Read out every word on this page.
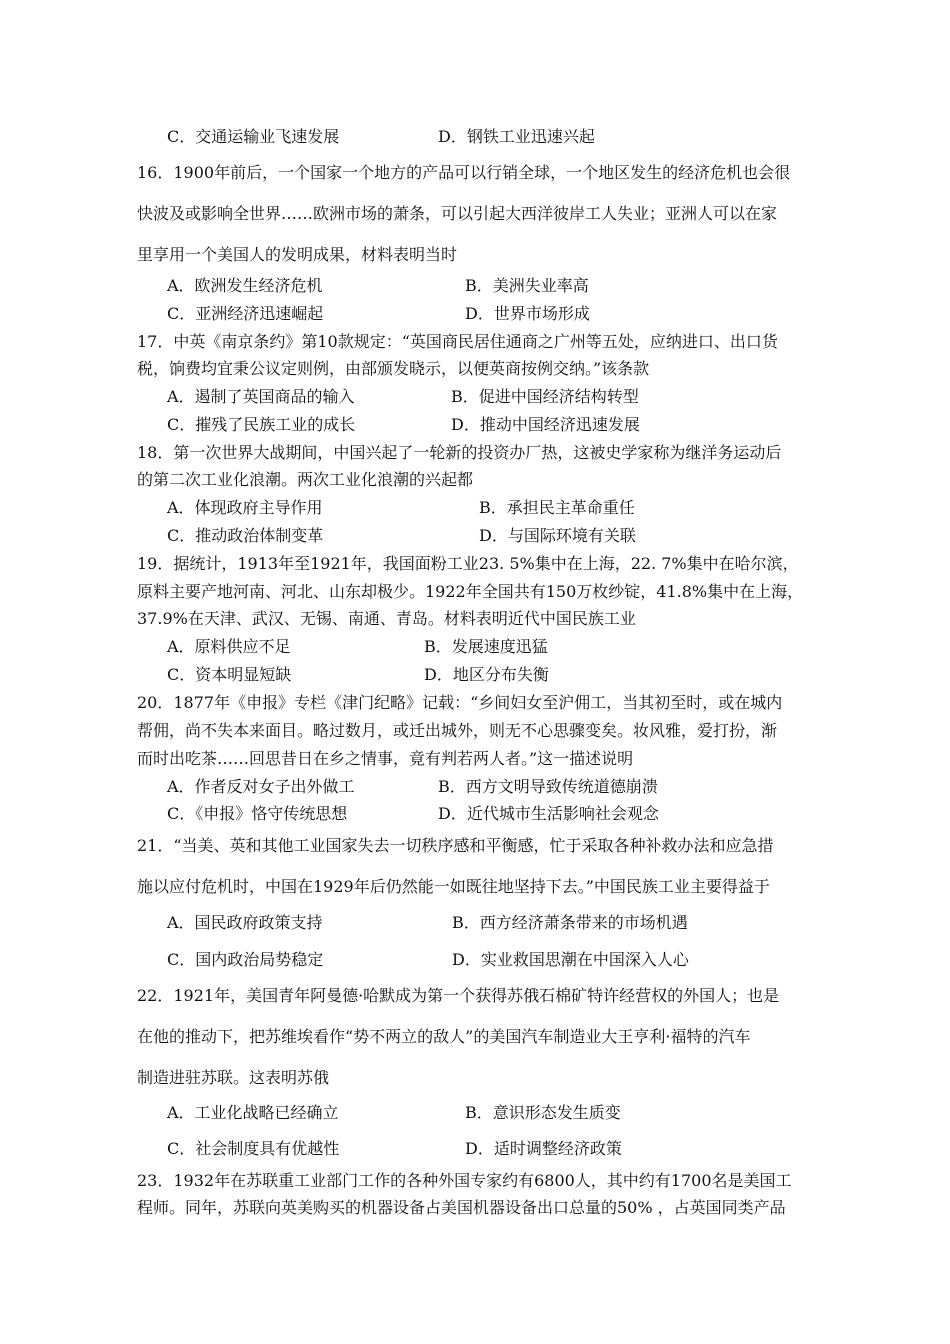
16．1900年前后，一个国家一个地方的产品可以行销全球，一个地区发生的经济危机也会很
快波及或影响全世界……欧洲市场的萧条，可以引起大西洋彼岸工人失业；亚洲人可以在家
里享用一个美国人的发明成果，材料表明当时
17．中英《南京条约》第10款规定：“英国商民居住通商之广州等五处，应纳进口、出口货
税，饷费均宜秉公议定则例，由部颁发晓示，以便英商按例交纳。”该条款
18．第一次世界大战期间，中国兴起了一轮新的投资办厂热，这被史学家称为继洋务运动后
的第二次工业化浪潮。两次工业化浪潮的兴起都
19．据统计，1913年至1921年，我国面粉工业23. 5%集中在上海，22. 7%集中在哈尔滨，
原料主要产地河南、河北、山东却极少。1922年全国共有150万枚纱锭，41.8%集中在上海，
37.9%在天津、武汉、无锡、南通、青岛。材料表明近代中国民族工业
20．1877年《申报》专栏《津门纪略》记载：“乡间妇女至沪佣工，当其初至时，或在城内
帮佣，尚不失本来面目。略过数月，或迁出城外，则无不心思骤变矣。妆风雅，爱打扮，渐
而时出吃茶……回思昔日在乡之情事，竟有判若两人者。”这一描述说明
21．“当美、英和其他工业国家失去一切秩序感和平衡感，忙于采取各种补救办法和应急措
施以应付危机时，中国在1929年后仍然能一如既往地坚持下去。”中国民族工业主要得益于
22．1921年，美国青年阿曼德·哈默成为第一个获得苏俄石棉矿特许经营权的外国人；也是
在他的推动下，把苏维埃看作“势不两立的敌人”的美国汽车制造业大王亨利·福特的汽车
制造进驻苏联。这表明苏俄
23．1932年在苏联重工业部门工作的各种外国专家约有6800人，其中约有1700名是美国工
程师。同年，苏联向英美购买的机器设备占美国机器设备出口总量的50% ，占英国同类产品
C．交通运输业飞速发展	D．钢铁工业迅速兴起
A．欧洲发生经济危机	B．美洲失业率高
C．亚洲经济迅速崛起	D．世界市场形成
A．遏制了英国商品的输入	B．促进中国经济结构转型
C．摧残了民族工业的成长	D．推动中国经济迅速发展
A．体现政府主导作用	B．承担民主革命重任
C．推动政治体制变革	D．与国际环境有关联
A．原料供应不足	B．发展速度迅猛
C．资本明显短缺	D．地区分布失衡
A．作者反对女子出外做工	B．西方文明导致传统道德崩溃
C．《申报》恪守传统思想	D．近代城市生活影响社会观念
A．国民政府政策支持	B．西方经济萧条带来的市场机遇
C．国内政治局势稳定	D．实业救国思潮在中国深入人心
A．工业化战略已经确立	B．意识形态发生质变
C．社会制度具有优越性	D．适时调整经济政策
